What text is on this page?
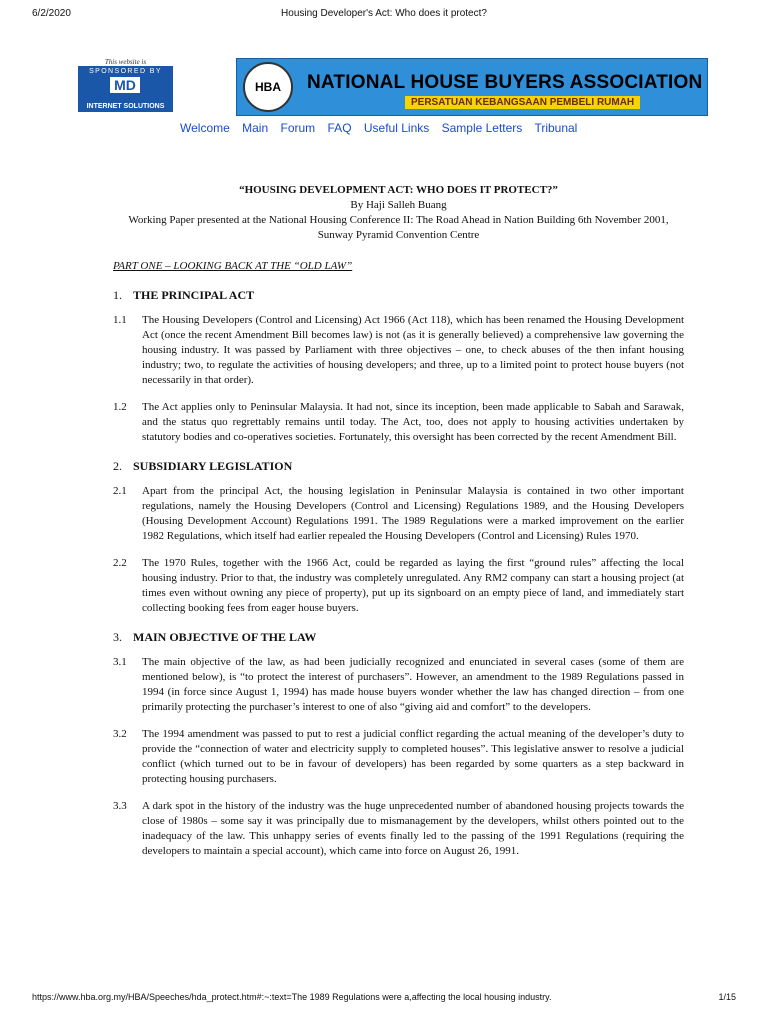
6/2/2020	Housing Developer's Act: Who does it protect?
This website is
SPONSORED BY
MD
INTERNET SOLUTIONS
HBA	NATIONAL HOUSE BUYERS ASSOCIATION
PERSATUAN KEBANGSAAN PEMBELI RUMAH
Welcome Main Forum FAQ Useful Links Sample Letters Tribunal
“HOUSING DEVELOPMENT ACT: WHO DOES IT PROTECT?”
By Haji Salleh Buang
Working Paper presented at the National Housing Conference II: The Road Ahead in Nation Building 6th November 2001,
Sunway Pyramid Convention Centre
PART ONE – LOOKING BACK AT THE “OLD LAW”
1. THE PRINCIPAL ACT
1.1 The Housing Developers (Control and Licensing) Act 1966 (Act 118), which has been renamed the Housing Development Act (once the recent Amendment Bill becomes law) is not (as it is generally believed) a comprehensive law governing the housing industry. It was passed by Parliament with three objectives – one, to check abuses of the then infant housing industry; two, to regulate the activities of housing developers; and three, up to a limited point to protect house buyers (not necessarily in that order).
1.2 The Act applies only to Peninsular Malaysia. It had not, since its inception, been made applicable to Sabah and Sarawak, and the status quo regrettably remains until today. The Act, too, does not apply to housing activities undertaken by statutory bodies and co-operatives societies. Fortunately, this oversight has been corrected by the recent Amendment Bill.
2. SUBSIDIARY LEGISLATION
2.1 Apart from the principal Act, the housing legislation in Peninsular Malaysia is contained in two other important regulations, namely the Housing Developers (Control and Licensing) Regulations 1989, and the Housing Developers (Housing Development Account) Regulations 1991. The 1989 Regulations were a marked improvement on the earlier 1982 Regulations, which itself had earlier repealed the Housing Developers (Control and Licensing) Rules 1970.
2.2 The 1970 Rules, together with the 1966 Act, could be regarded as laying the first “ground rules” affecting the local housing industry. Prior to that, the industry was completely unregulated. Any RM2 company can start a housing project (at times even without owning any piece of property), put up its signboard on an empty piece of land, and immediately start collecting booking fees from eager house buyers.
3. MAIN OBJECTIVE OF THE LAW
3.1 The main objective of the law, as had been judicially recognized and enunciated in several cases (some of them are mentioned below), is “to protect the interest of purchasers”. However, an amendment to the 1989 Regulations passed in 1994 (in force since August 1, 1994) has made house buyers wonder whether the law has changed direction – from one primarily protecting the purchaser’s interest to one of also “giving aid and comfort” to the developers.
3.2 The 1994 amendment was passed to put to rest a judicial conflict regarding the actual meaning of the developer’s duty to provide the “connection of water and electricity supply to completed houses”. This legislative answer to resolve a judicial conflict (which turned out to be in favour of developers) has been regarded by some quarters as a step backward in protecting housing purchasers.
3.3 A dark spot in the history of the industry was the huge unprecedented number of abandoned housing projects towards the close of 1980s – some say it was principally due to mismanagement by the developers, whilst others pointed out to the inadequacy of the law. This unhappy series of events finally led to the passing of the 1991 Regulations (requiring the developers to maintain a special account), which came into force on August 26, 1991.
https://www.hba.org.my/HBA/Speeches/hda_protect.htm#:~:text=The 1989 Regulations were a,affecting the local housing industry.	1/15
